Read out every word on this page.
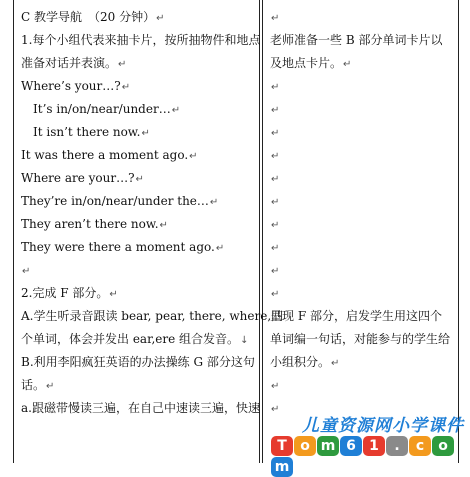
C 教学导航　（20 分钟）↵
1.每个小组代表来抽卡片，按所抽物件和地点
准备对话并表演。↵
Where’s your…?↵
It’s in/on/near/under…↵
It isn’t there now.↵
It was there a moment ago.↵
Where are your…?↵
They’re in/on/near/under the…↵
They aren’t there now.↵
They were there a moment ago.↵
↵
2.完成 F 部分。↵
A.学生听录音跟读 bear, pear, there, where,四
个单词，体会并发出 ear,ere 组合发音。↓
B.利用李阳疯狂英语的办法操练 G 部分这句
话。↵
a.跟磁带慢读三遍，在自己中速读三遍，快速
↵
老师准备一些 B 部分单词卡片以
及地点卡片。↵
↵
↵
↵
↵
↵
↵
↵
↵
↵
↵
呈现 F 部分，启发学生用这四个
单词编一句话，对能参与的学生给
小组积分。↵
↵
↵
儿童资源网小学课件
T o m 6 1 . c om
